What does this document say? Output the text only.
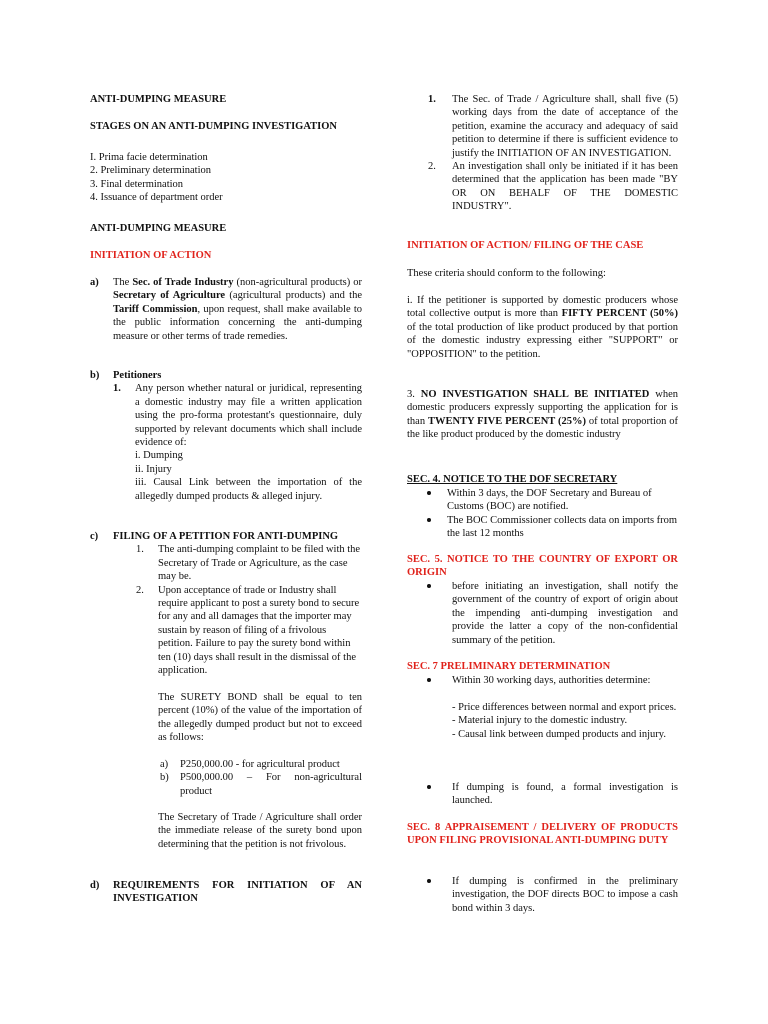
ANTI-DUMPING MEASURE
STAGES ON AN ANTI-DUMPING INVESTIGATION
I. Prima facie determination
2. Preliminary determination
3. Final determination
4. Issuance of department order
ANTI-DUMPING MEASURE
INITIATION OF ACTION
a) The Sec. of Trade Industry (non-agricultural products) or Secretary of Agriculture (agricultural products) and the Tariff Commission, upon request, shall make available to the public information concerning the anti-dumping measure or other terms of trade remedies.

b) Petitioners
1. Any person whether natural or juridical, representing a domestic industry may file a written application using the pro-forma protestant's questionnaire, duly supported by relevant documents which shall include evidence of:

i. Dumping
ii. Injury

iii. Causal Link between the importation of the allegedly dumped products & alleged injury.

c) FILING OF A PETITION FOR ANTI-DUMPING
1. The anti-dumping complaint to be filed with the Secretary of Trade or Agriculture, as the case may be.

2. Upon acceptance of trade or Industry shall require applicant to post a surety bond to secure for any and all damages that the importer may sustain by reason of filing of a frivolous petition. Failure to pay the surety bond within ten (10) days shall result in the dismissal of the application.

The SURETY BOND shall be equal to ten percent (10%) of the value of the importation of the allegedly dumped product but not to exceed as follows:

a) P250,000.00 - for agricultural product

b) P500,000.00 – For non-agricultural product

The Secretary of Trade / Agriculture shall order the immediate release of the surety bond upon determining that the petition is not frivolous.

d) REQUIREMENTS FOR INITIATION OF AN INVESTIGATION

1. The Sec. of Trade / Agriculture shall, shall five (5) working days from the date of acceptance of the petition, examine the accuracy and adequacy of said petition to determine if there is sufficient evidence to justify the INITIATION OF AN INVESTIGATION.

2. An investigation shall only be initiated if it has been determined that the application has been made "BY OR ON BEHALF OF THE DOMESTIC INDUSTRY".

INITIATION OF ACTION/ FILING OF THE CASE
These criteria should conform to the following:

i. If the petitioner is supported by domestic producers whose total collective output is more than FIFTY PERCENT (50%) of the total production of like product produced by that portion of the domestic industry expressing either "SUPPORT" or "OPPOSITION" to the petition.

3. NO INVESTIGATION SHALL BE INITIATED when domestic producers expressly supporting the application for is than TWENTY FIVE PERCENT (25%) of total proportion of the like product produced by the domestic industry

SEC. 4. NOTICE TO THE DOF SECRETARY

Within 3 days, the DOF Secretary and Bureau of Customs (BOC) are notified.

The BOC Commissioner collects data on imports from the last 12 months

SEC. 5. NOTICE TO THE COUNTRY OF EXPORT OR ORIGIN

before initiating an investigation, shall notify the government of the country of export of origin about the impending anti-dumping investigation and provide the latter a copy of the non-confidential summary of the petition.

SEC. 7 PRELIMINARY DETERMINATION

Within 30 working days, authorities determine:

- Price differences between normal and export prices.

- Material injury to the domestic industry.

- Causal link between dumped products and injury.

If dumping is found, a formal investigation is launched.

SEC. 8 APPRAISEMENT / DELIVERY OF PRODUCTS UPON FILING PROVISIONAL ANTI-DUMPING DUTY

If dumping is confirmed in the preliminary investigation, the DOF directs BOC to impose a cash bond within 3 days.
